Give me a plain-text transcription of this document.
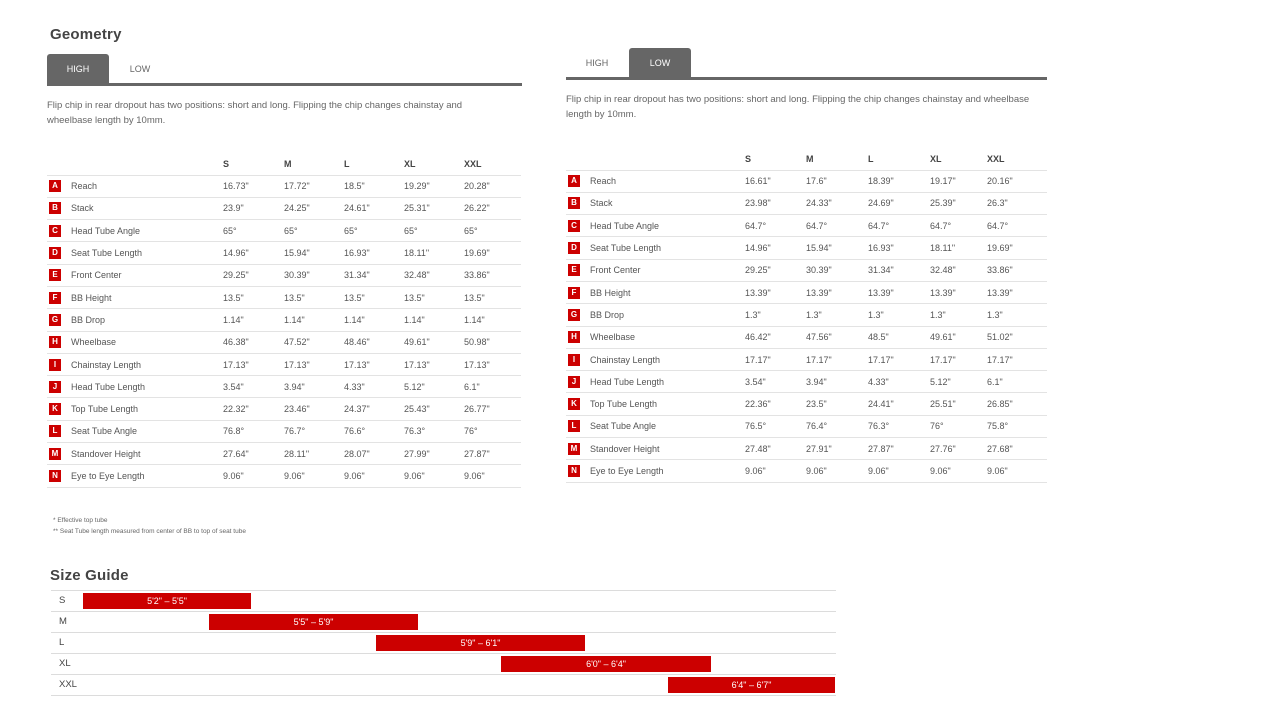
Geometry
HIGH	LOW
Flip chip in rear dropout has two positions: short and long. Flipping the chip changes chainstay and wheelbase length by 10mm.
	S	M	L	XL	XXL
A Reach	16.73"	17.72"	18.5"	19.29"	20.28"
B Stack	23.9"	24.25"	24.61"	25.31"	26.22"
C Head Tube Angle	65°	65°	65°	65°	65°
D Seat Tube Length	14.96"	15.94"	16.93"	18.11"	19.69"
E Front Center	29.25"	30.39"	31.34"	32.48"	33.86"
F BB Height	13.5"	13.5"	13.5"	13.5"	13.5"
G BB Drop	1.14"	1.14"	1.14"	1.14"	1.14"
H Wheelbase	46.38"	47.52"	48.46"	49.61"	50.98"
I Chainstay Length	17.13"	17.13"	17.13"	17.13"	17.13"
J Head Tube Length	3.54"	3.94"	4.33"	5.12"	6.1"
K Top Tube Length	22.32"	23.46"	24.37"	25.43"	26.77"
L Seat Tube Angle	76.8°	76.7°	76.6°	76.3°	76°
M Standover Height	27.64"	28.11"	28.07"	27.99"	27.87"
N Eye to Eye Length	9.06"	9.06"	9.06"	9.06"	9.06"
HIGH	LOW
Flip chip in rear dropout has two positions: short and long. Flipping the chip changes chainstay and wheelbase length by 10mm.
	S	M	L	XL	XXL
A Reach	16.61"	17.6"	18.39"	19.17"	20.16"
B Stack	23.98"	24.33"	24.69"	25.39"	26.3"
C Head Tube Angle	64.7°	64.7°	64.7°	64.7°	64.7°
D Seat Tube Length	14.96"	15.94"	16.93"	18.11"	19.69"
E Front Center	29.25"	30.39"	31.34"	32.48"	33.86"
F BB Height	13.39"	13.39"	13.39"	13.39"	13.39"
G BB Drop	1.3"	1.3"	1.3"	1.3"	1.3"
H Wheelbase	46.42"	47.56"	48.5"	49.61"	51.02"
I Chainstay Length	17.17"	17.17"	17.17"	17.17"	17.17"
J Head Tube Length	3.54"	3.94"	4.33"	5.12"	6.1"
K Top Tube Length	22.36"	23.5"	24.41"	25.51"	26.85"
L Seat Tube Angle	76.5°	76.4°	76.3°	76°	75.8°
M Standover Height	27.48"	27.91"	27.87"	27.76"	27.68"
N Eye to Eye Length	9.06"	9.06"	9.06"	9.06"	9.06"
* Effective top tube
** Seat Tube length measured from center of BB to top of seat tube
Size Guide
S	5'2" – 5'5"
M	5'5" – 5'9"
L	5'9" – 6'1"
XL	6'0" – 6'4"
XXL	6'4" – 6'7"
